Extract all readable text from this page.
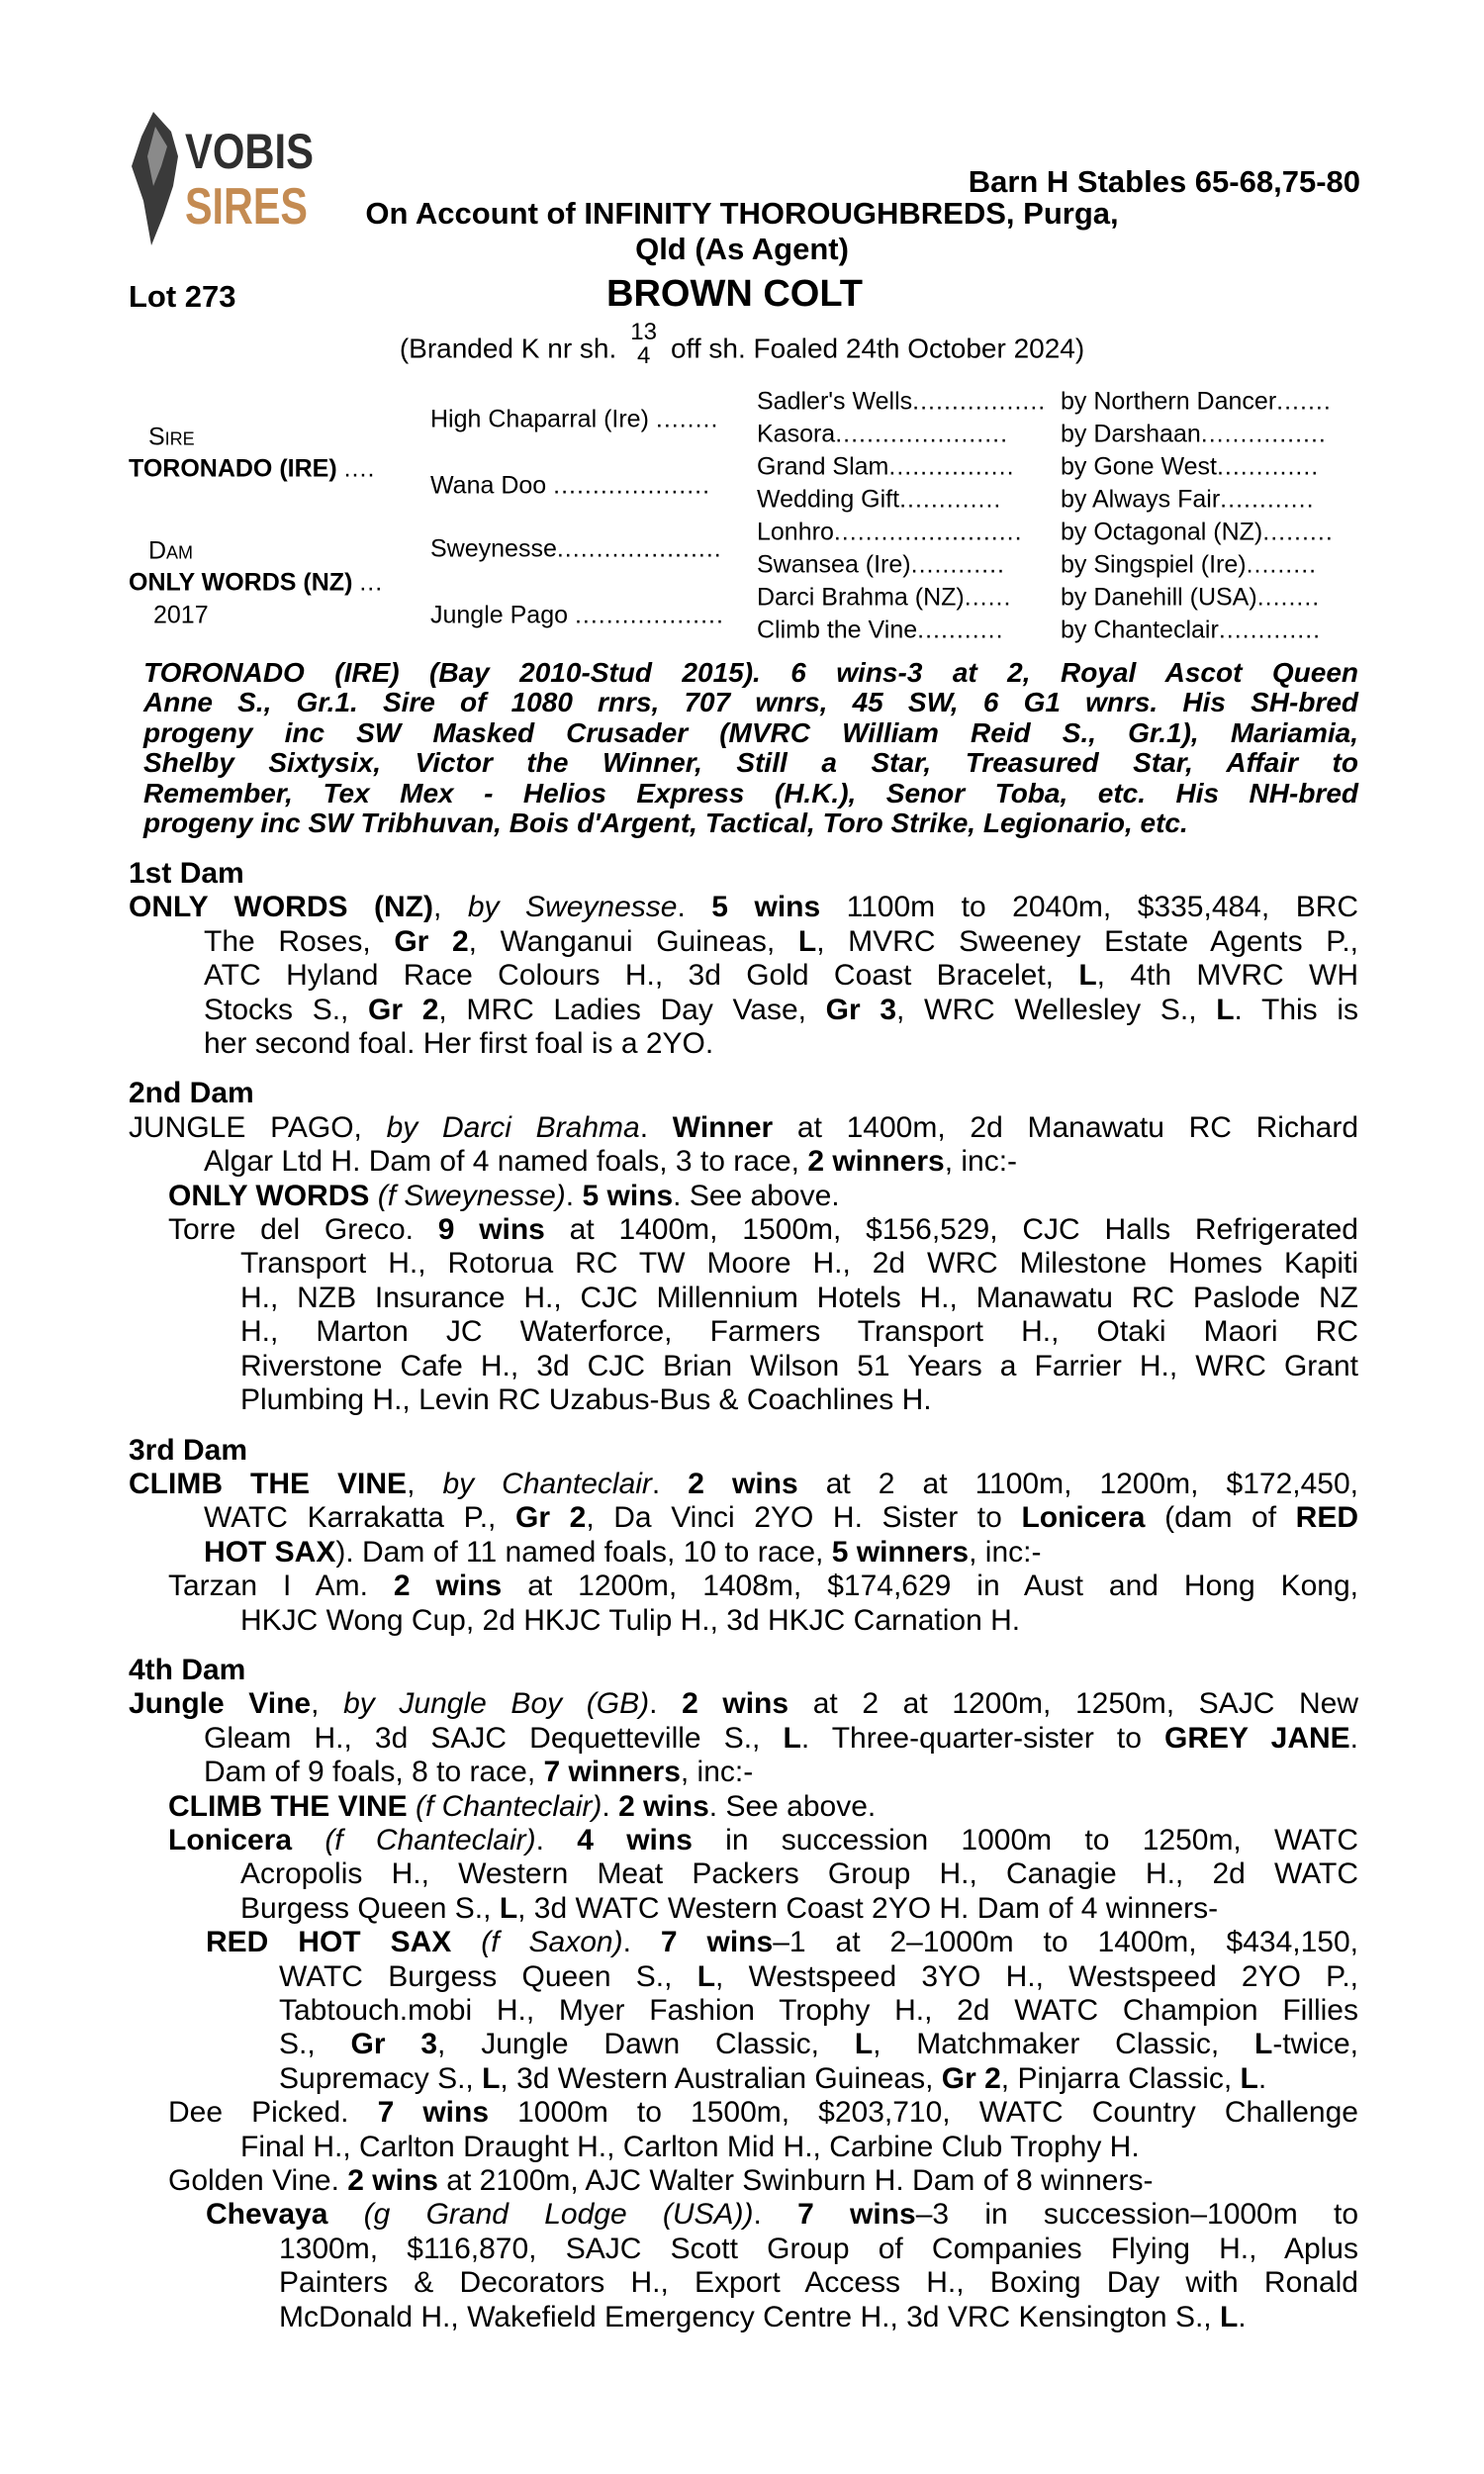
VOBIS
SIRES	Barn H Stables 65-68,75-80
On Account of INFINITY THOROUGHBREDS, Purga,
Qld (As Agent)
Lot 273	BROWN COLT
(Branded K nr sh.13
4 off sh. Foaled 24th October 2024)
Sire
TORONADO (IRE) ....
Dam
ONLY WORDS (NZ) ...
2017
High Chaparral (Ire) ........
Wana Doo ....................
Sweynesse.....................
Jungle Pago ...................
Sadler's Wells................. by Northern Dancer.......
Kasora...................... by Darshaan................
Grand Slam................ by Gone West.............
Wedding Gift............. by Always Fair............
Lonhro........................ by Octagonal (NZ).........
Swansea (Ire)............ by Singspiel (Ire).........
Darci Brahma (NZ)...... by Danehill (USA)........
Climb the Vine........... by Chanteclair.............
TORONADO (IRE) (Bay 2010-Stud 2015). 6 wins-3 at 2, Royal Ascot Queen
Anne S., Gr.1. Sire of 1080 rnrs, 707 wnrs, 45 SW, 6 G1 wnrs. His SH-bred
progeny inc SW Masked Crusader (MVRC William Reid S., Gr.1), Mariamia,
Shelby Sixtysix, Victor the Winner, Still a Star, Treasured Star, Affair to
Remember, Tex Mex - Helios Express (H.K.), Senor Toba, etc. His NH-bred
progeny inc SW Tribhuvan, Bois d'Argent, Tactical, Toro Strike, Legionario, etc.
1st Dam
ONLY WORDS (NZ), by Sweynesse. 5 wins 1100m to 2040m, $335,484, BRC
The Roses, Gr 2, Wanganui Guineas, L, MVRC Sweeney Estate Agents P.,
ATC Hyland Race Colours H., 3d Gold Coast Bracelet, L, 4th MVRC WH
Stocks S., Gr 2, MRC Ladies Day Vase, Gr 3, WRC Wellesley S., L. This is
her second foal. Her first foal is a 2YO.
2nd Dam
JUNGLE PAGO, by Darci Brahma. Winner at 1400m, 2d Manawatu RC Richard
Algar Ltd H. Dam of 4 named foals, 3 to race, 2 winners, inc:-
ONLY WORDS (f Sweynesse). 5 wins. See above.
Torre del Greco. 9 wins at 1400m, 1500m, $156,529, CJC Halls Refrigerated
Transport H., Rotorua RC TW Moore H., 2d WRC Milestone Homes Kapiti
H., NZB Insurance H., CJC Millennium Hotels H., Manawatu RC Paslode NZ
H., Marton JC Waterforce, Farmers Transport H., Otaki Maori RC
Riverstone Cafe H., 3d CJC Brian Wilson 51 Years a Farrier H., WRC Grant
Plumbing H., Levin RC Uzabus-Bus & Coachlines H.
3rd Dam
CLIMB THE VINE, by Chanteclair. 2 wins at 2 at 1100m, 1200m, $172,450,
WATC Karrakatta P., Gr 2, Da Vinci 2YO H. Sister to Lonicera (dam of RED
HOT SAX). Dam of 11 named foals, 10 to race, 5 winners, inc:-
Tarzan I Am. 2 wins at 1200m, 1408m, $174,629 in Aust and Hong Kong,
HKJC Wong Cup, 2d HKJC Tulip H., 3d HKJC Carnation H.
4th Dam
Jungle Vine, by Jungle Boy (GB). 2 wins at 2 at 1200m, 1250m, SAJC New
Gleam H., 3d SAJC Dequetteville S., L. Three-quarter-sister to GREY JANE.
Dam of 9 foals, 8 to race, 7 winners, inc:-
CLIMB THE VINE (f Chanteclair). 2 wins. See above.
Lonicera (f Chanteclair). 4 wins in succession 1000m to 1250m, WATC
Acropolis H., Western Meat Packers Group H., Canagie H., 2d WATC
Burgess Queen S., L, 3d WATC Western Coast 2YO H. Dam of 4 winners-
RED HOT SAX (f Saxon). 7 wins–1 at 2–1000m to 1400m, $434,150,
WATC Burgess Queen S., L, Westspeed 3YO H., Westspeed 2YO P.,
Tabtouch.mobi H., Myer Fashion Trophy H., 2d WATC Champion Fillies
S., Gr 3, Jungle Dawn Classic, L, Matchmaker Classic, L-twice,
Supremacy S., L, 3d Western Australian Guineas, Gr 2, Pinjarra Classic, L.
Dee Picked. 7 wins 1000m to 1500m, $203,710, WATC Country Challenge
Final H., Carlton Draught H., Carlton Mid H., Carbine Club Trophy H.
Golden Vine. 2 wins at 2100m, AJC Walter Swinburn H. Dam of 8 winners-
Chevaya (g Grand Lodge (USA)). 7 wins–3 in succession–1000m to
1300m, $116,870, SAJC Scott Group of Companies Flying H., Aplus
Painters & Decorators H., Export Access H., Boxing Day with Ronald
McDonald H., Wakefield Emergency Centre H., 3d VRC Kensington S., L.
